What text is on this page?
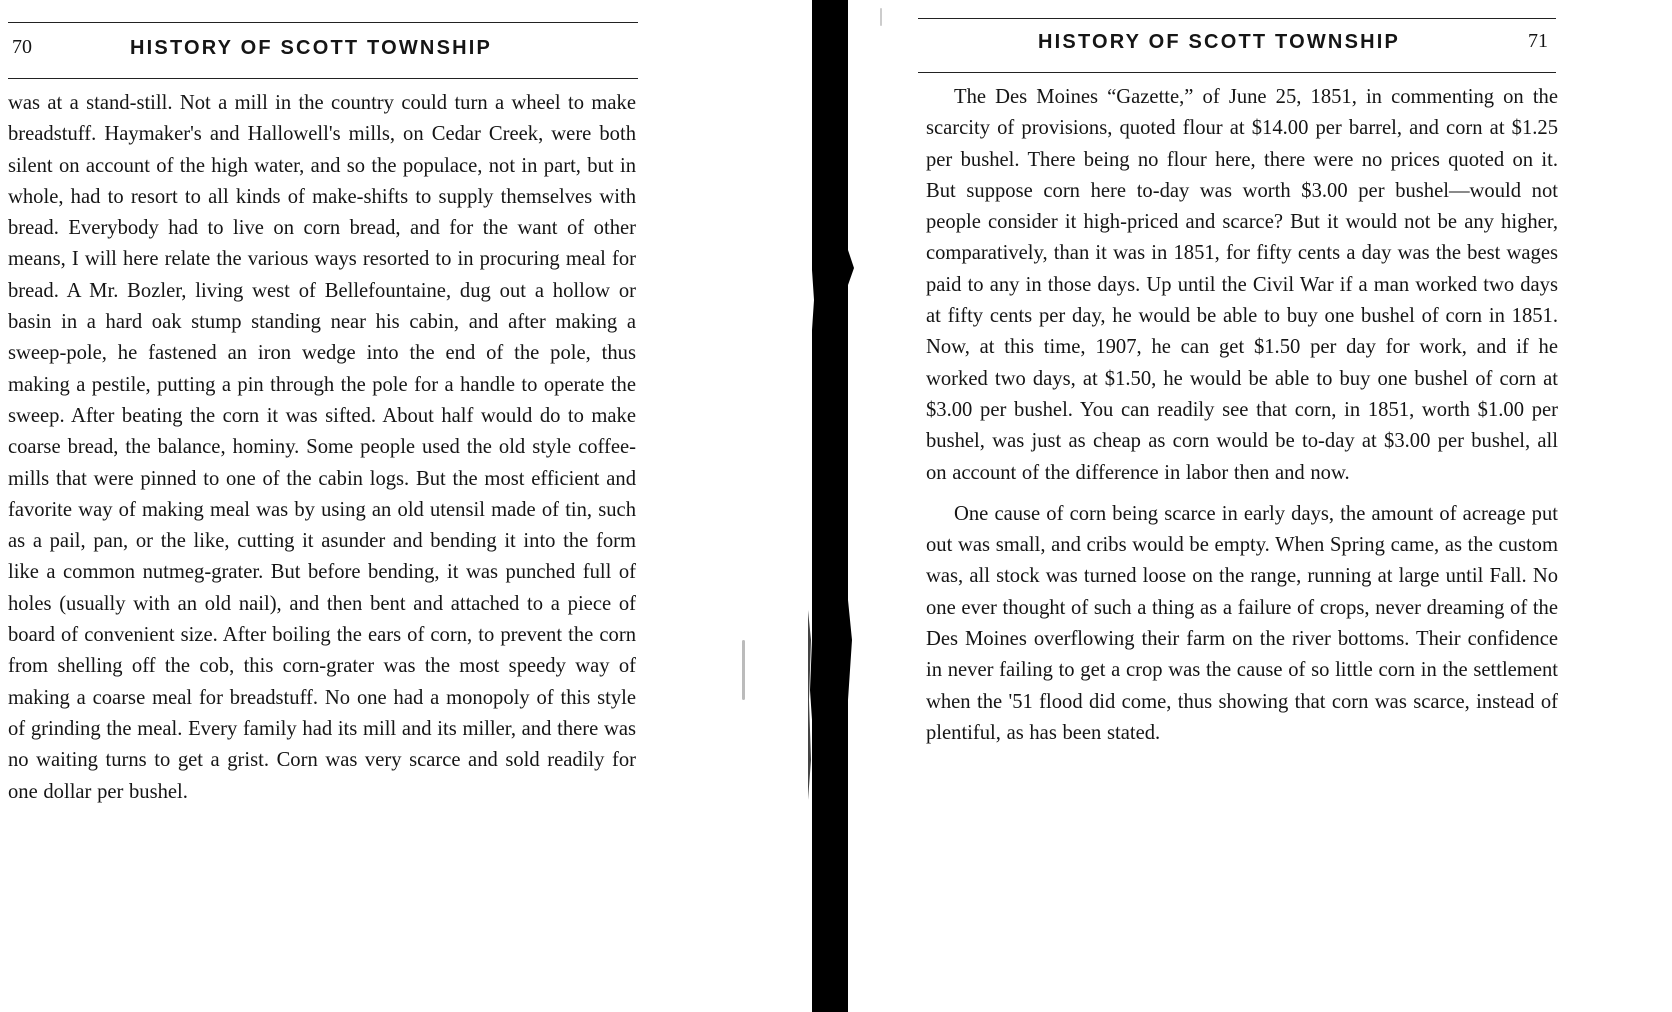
70	HISTORY OF SCOTT TOWNSHIP

was at a stand-still. Not a mill in the country could turn a wheel to make breadstuff. Haymaker's and Hallowell's mills, on Cedar Creek, were both silent on account of the high water, and so the populace, not in part, but in whole, had to resort to all kinds of make-shifts to supply themselves with bread. Everybody had to live on corn bread, and for the want of other means, I will here relate the various ways resorted to in procuring meal for bread. A Mr. Bozler, living west of Bellefountaine, dug out a hollow or basin in a hard oak stump standing near his cabin, and after making a sweep-pole, he fastened an iron wedge into the end of the pole, thus making a pestile, putting a pin through the pole for a handle to operate the sweep. After beating the corn it was sifted. About half would do to make coarse bread, the balance, hominy. Some people used the old style coffee-mills that were pinned to one of the cabin logs. But the most efficient and favorite way of making meal was by using an old utensil made of tin, such as a pail, pan, or the like, cutting it asunder and bending it into the form like a common nutmeg-grater. But before bending, it was punched full of holes (usually with an old nail), and then bent and attached to a piece of board of convenient size. After boiling the ears of corn, to prevent the corn from shelling off the cob, this corn-grater was the most speedy way of making a coarse meal for breadstuff. No one had a monopoly of this style of grinding the meal. Every family had its mill and its miller, and there was no waiting turns to get a grist. Corn was very scarce and sold readily for one dollar per bushel.

HISTORY OF SCOTT TOWNSHIP	71

The Des Moines “Gazette,” of June 25, 1851, in commenting on the scarcity of provisions, quoted flour at $14.00 per barrel, and corn at $1.25 per bushel. There being no flour here, there were no prices quoted on it. But suppose corn here to-day was worth $3.00 per bushel—would not people consider it high-priced and scarce? But it would not be any higher, comparatively, than it was in 1851, for fifty cents a day was the best wages paid to any in those days. Up until the Civil War if a man worked two days at fifty cents per day, he would be able to buy one bushel of corn in 1851. Now, at this time, 1907, he can get $1.50 per day for work, and if he worked two days, at $1.50, he would be able to buy one bushel of corn at $3.00 per bushel. You can readily see that corn, in 1851, worth $1.00 per bushel, was just as cheap as corn would be to-day at $3.00 per bushel, all on account of the difference in labor then and now.

One cause of corn being scarce in early days, the amount of acreage put out was small, and cribs would be empty. When Spring came, as the custom was, all stock was turned loose on the range, running at large until Fall. No one ever thought of such a thing as a failure of crops, never dreaming of the Des Moines overflowing their farm on the river bottoms. Their confidence in never failing to get a crop was the cause of so little corn in the settlement when the '51 flood did come, thus showing that corn was scarce, instead of plentiful, as has been stated.
